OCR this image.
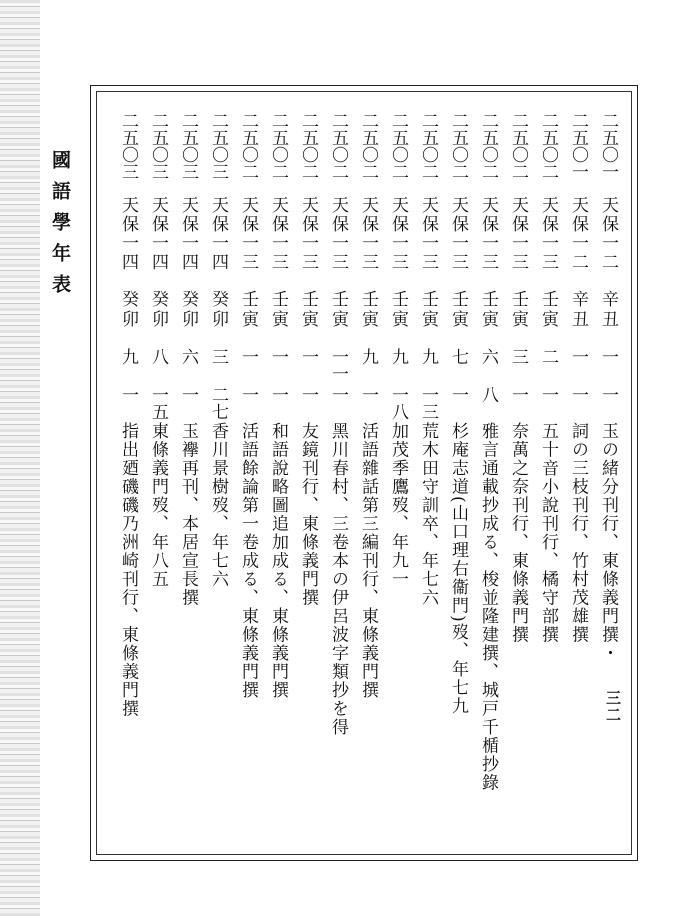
國語學年表
三二
二五〇一
天保一二
辛丑
一
一
玉の緒分刊行、東條義門撰・
二五〇一
天保一二
辛丑
一
一
詞の三枝刊行、竹村茂雄撰
二五〇二
天保一三
壬寅
二
一
五十音小說刊行、橘守部撰
二五〇二
天保一三
壬寅
三
一
奈萬之奈刊行、東條義門撰
二五〇二
天保一三
壬寅
六
八
雅言通載抄成る、梭並隆建撰、城戸千楯抄錄
二五〇二
天保一三
壬寅
七
一
杉庵志道(山口理右衞門)歿、年七九
二五〇二
天保一三
壬寅
九
一三
荒木田守訓卒、年七六
二五〇二
天保一三
壬寅
九
一八
加茂季鷹歿、年九一
二五〇二
天保一三
壬寅
九
一
活語雜話第三編刊行、東條義門撰
二五〇二
天保一三
壬寅
一一
一
黑川春村、三卷本の伊呂波字類抄を得
二五〇二
天保一三
壬寅
一
一
友鏡刊行、東條義門撰
二五〇二
天保一三
壬寅
一
一
和語說略圖追加成る、東條義門撰
二五〇二
天保一三
壬寅
一
一
活語餘論第一卷成る、東條義門撰
二五〇三
天保一四
癸卯
三
二七
香川景樹歿、年七六
二五〇三
天保一四
癸卯
六
一
玉襷再刊、本居宣長撰
二五〇三
天保一四
癸卯
八
一五
東條義門歿、年八五
二五〇三
天保一四
癸卯
九
一
指出廼磯磯乃洲崎刊行、東條義門撰
